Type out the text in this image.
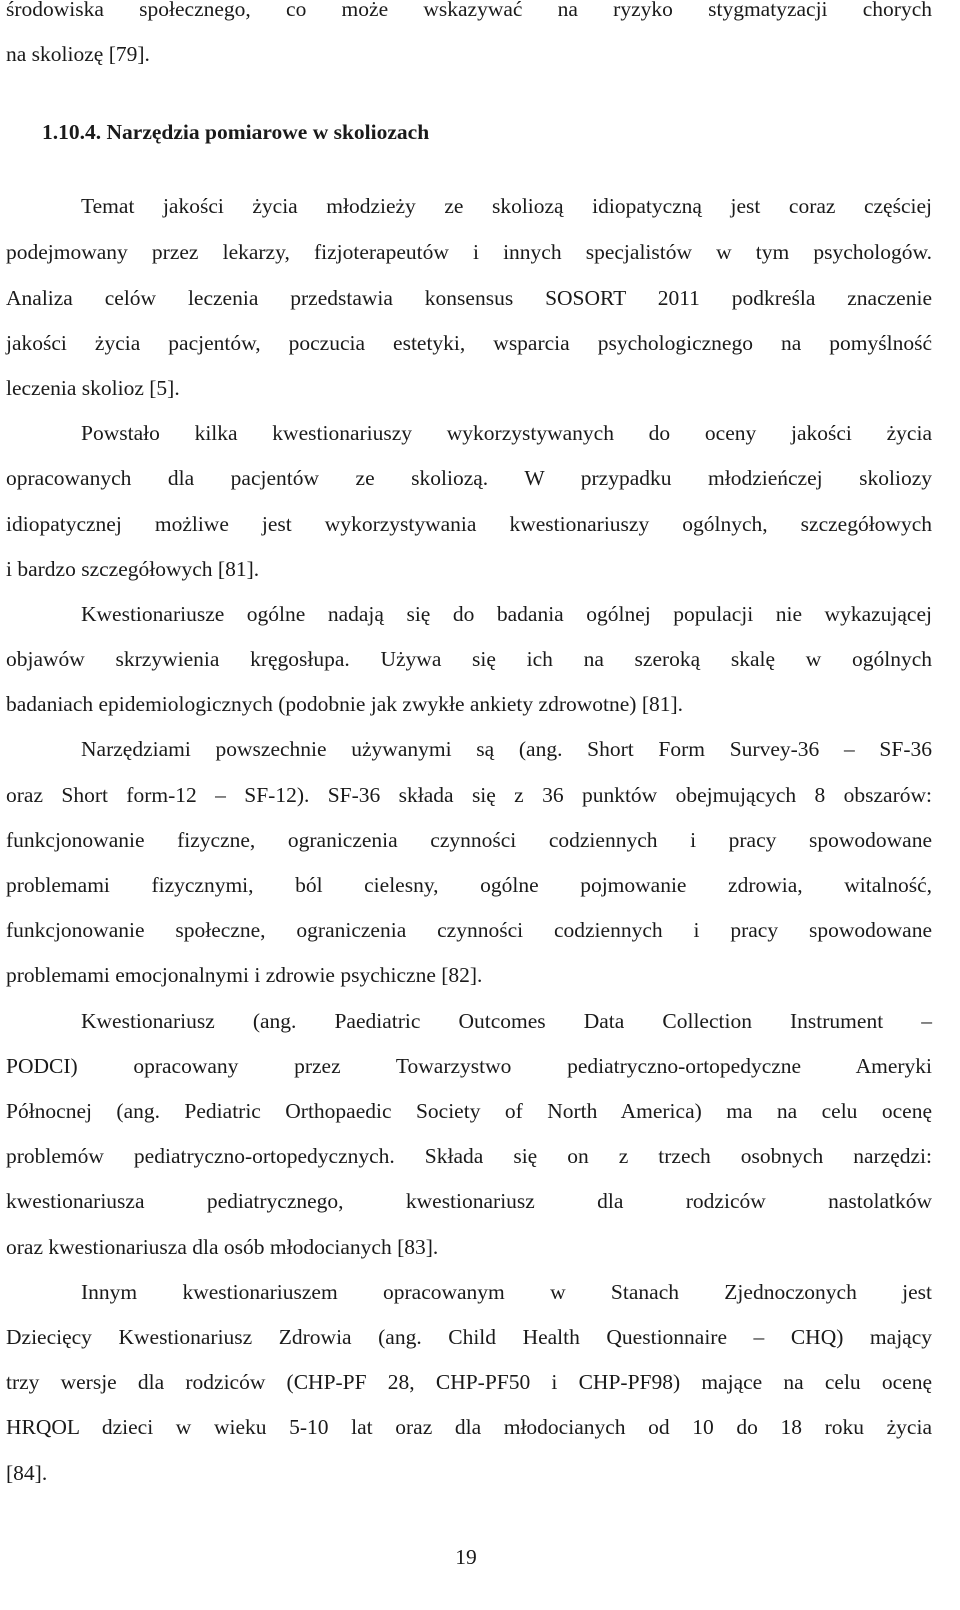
środowiska społecznego, co może wskazywać na ryzyko stygmatyzacji chorych
na skoliozę [79].
1.10.4. Narzędzia pomiarowe w skoliozach
Temat jakości życia młodzieży ze skoliozą idiopatyczną jest coraz częściej
podejmowany przez lekarzy, fizjoterapeutów i innych specjalistów w tym psychologów.
Analiza celów leczenia przedstawia konsensus SOSORT 2011 podkreśla znaczenie
jakości życia pacjentów, poczucia estetyki, wsparcia psychologicznego na pomyślność
leczenia skolioz [5].
Powstało kilka kwestionariuszy wykorzystywanych do oceny jakości życia
opracowanych dla pacjentów ze skoliozą. W przypadku młodzieńczej skoliozy
idiopatycznej możliwe jest wykorzystywania kwestionariuszy ogólnych, szczegółowych
i bardzo szczegółowych [81].
Kwestionariusze ogólne nadają się do badania ogólnej populacji nie wykazującej
objawów skrzywienia kręgosłupa. Używa się ich na szeroką skalę w ogólnych
badaniach epidemiologicznych (podobnie jak zwykłe ankiety zdrowotne) [81].
Narzędziami powszechnie używanymi są (ang. Short Form Survey-36 – SF-36
oraz Short form-12 – SF-12). SF-36 składa się z 36 punktów obejmujących 8 obszarów:
funkcjonowanie fizyczne, ograniczenia czynności codziennych i pracy spowodowane
problemami fizycznymi, ból cielesny, ogólne pojmowanie zdrowia, witalność,
funkcjonowanie społeczne, ograniczenia czynności codziennych i pracy spowodowane
problemami emocjonalnymi i zdrowie psychiczne [82].
Kwestionariusz (ang. Paediatric Outcomes Data Collection Instrument –
PODCI) opracowany przez Towarzystwo pediatryczno-ortopedyczne Ameryki
Północnej (ang. Pediatric Orthopaedic Society of North America) ma na celu ocenę
problemów pediatryczno-ortopedycznych. Składa się on z trzech osobnych narzędzi:
kwestionariusza pediatrycznego, kwestionariusz dla rodziców nastolatków
oraz kwestionariusza dla osób młodocianych [83].
Innym kwestionariuszem opracowanym w Stanach Zjednoczonych jest
Dziecięcy Kwestionariusz Zdrowia (ang. Child Health Questionnaire – CHQ) mający
trzy wersje dla rodziców (CHP-PF 28, CHP-PF50 i CHP-PF98) mające na celu ocenę
HRQOL dzieci w wieku 5-10 lat oraz dla młodocianych od 10 do 18 roku życia
[84].
19
